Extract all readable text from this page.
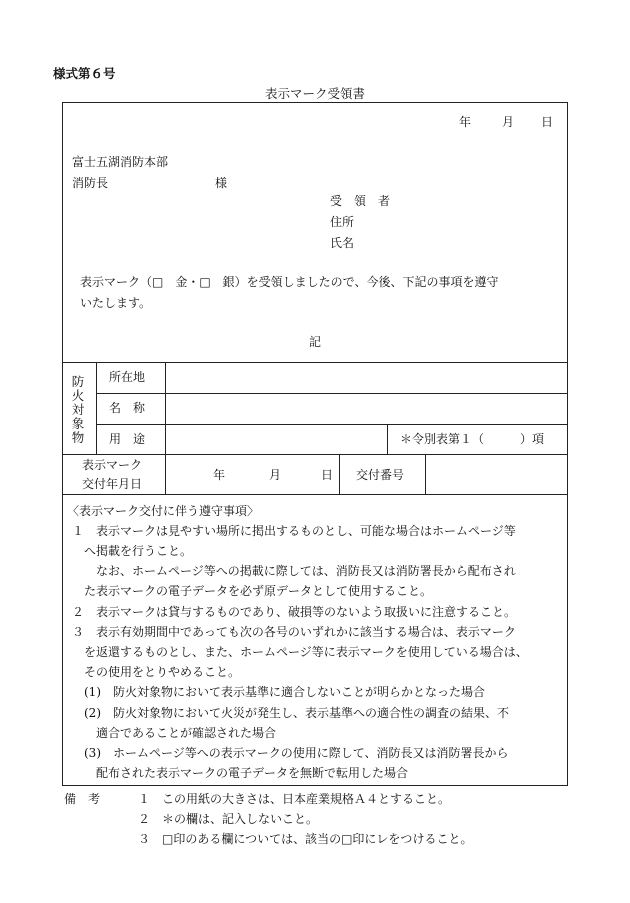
様式第６号
表示マーク受領書
年	月 日
富士五湖消防本部
消防長	様
受　領　者
住所
氏名
表示マーク（□　金・□　銀）を受領しましたので、今後、下記の事項を遵守
いたします。
記
防火対象物
所在地
名　称
用　途	＊令別表第１（　　　）項
表示マーク
交付年月日
年	月	日 交付番号
〈表示マーク交付に伴う遵守事項〉
１　表示マークは見やすい場所に掲出するものとし、可能な場合はホームページ等
へ掲載を行うこと。
なお、ホームページ等への掲載に際しては、消防長又は消防署長から配布され
た表示マークの電子データを必ず原データとして使用すること。
２　表示マークは貸与するものであり、破損等のないよう取扱いに注意すること。
３　表示有効期間中であっても次の各号のいずれかに該当する場合は、表示マーク
を返還するものとし、また、ホームページ等に表示マークを使用している場合は、
その使用をとりやめること。
(1)　防火対象物において表示基準に適合しないことが明らかとなった場合
(2)　防火対象物において火災が発生し、表示基準への適合性の調査の結果、不
適合であることが確認された場合
(3)　ホームページ等への表示マークの使用に際して、消防長又は消防署長から
配布された表示マークの電子データを無断で転用した場合
備　考	１ この用紙の大きさは、日本産業規格Ａ４とすること。
２ ＊の欄は、記入しないこと。
３ □印のある欄については、該当の□印にレをつけること。
